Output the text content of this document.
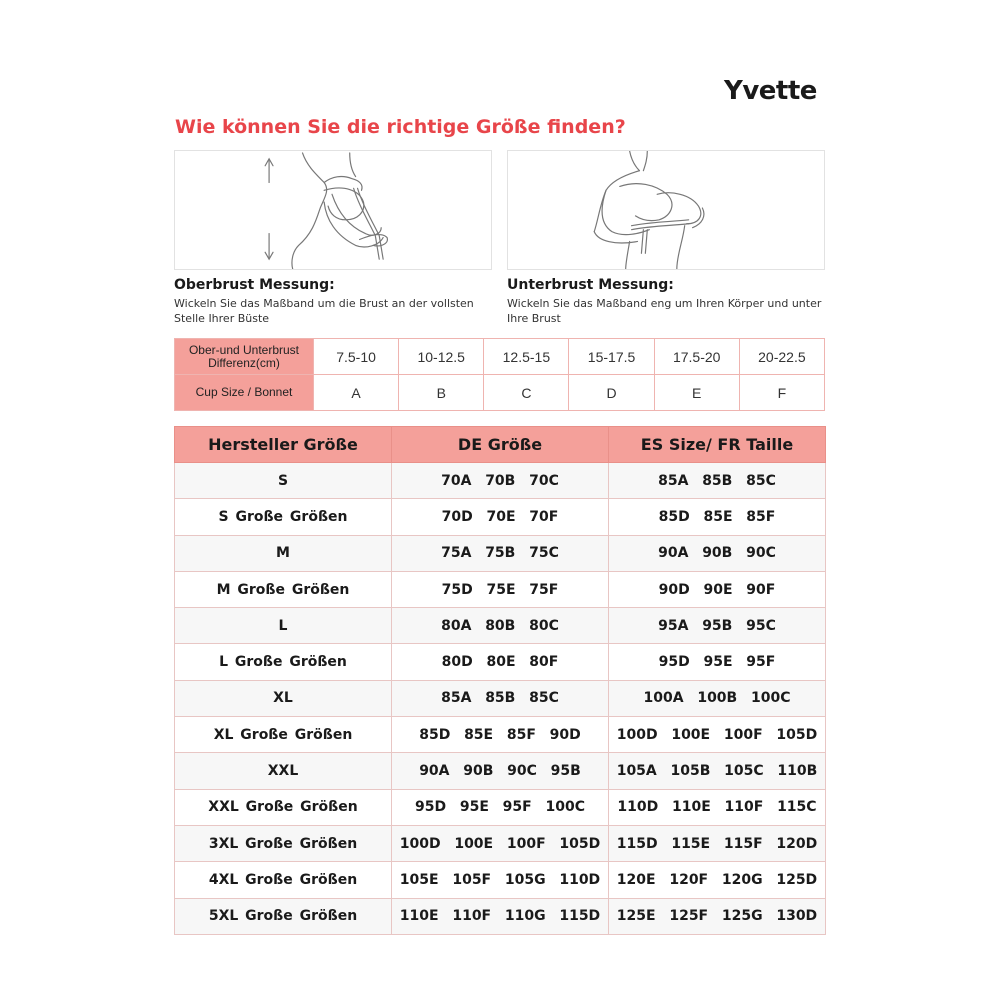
Yvette
Wie können Sie die richtige Größe finden?
Oberbrust Messung:
Wickeln Sie das Maßband um die Brust an der vollsten Stelle Ihrer Büste
Unterbrust Messung:
Wickeln Sie das Maßband eng um Ihren Körper und unter Ihre Brust
Ober-und Unterbrust Differenz(cm)	7.5-10	10-12.5	12.5-15	15-17.5	17.5-20	20-22.5
Cup Size / Bonnet	A	B	C	D	E	F
Hersteller Größe	DE Größe	ES Size/ FR Taille
S	70A  70B  70C	85A  85B  85C
S Große Größen	70D  70E  70F	85D  85E  85F
M	75A  75B  75C	90A  90B  90C
M Große Größen	75D  75E  75F	90D  90E  90F
L	80A  80B  80C	95A  95B  95C
L Große Größen	80D  80E  80F	95D  95E  95F
XL	85A  85B  85C	100A  100B  100C
XL Große Größen	85D  85E  85F  90D	100D  100E  100F  105D
XXL	90A  90B  90C  95B	105A  105B  105C  110B
XXL Große Größen	95D  95E  95F  100C	110D  110E  110F  115C
3XL Große Größen	100D  100E  100F  105D	115D  115E  115F  120D
4XL Große Größen	105E  105F  105G  110D	120E  120F  120G  125D
5XL Große Größen	110E  110F  110G  115D	125E  125F  125G  130D
